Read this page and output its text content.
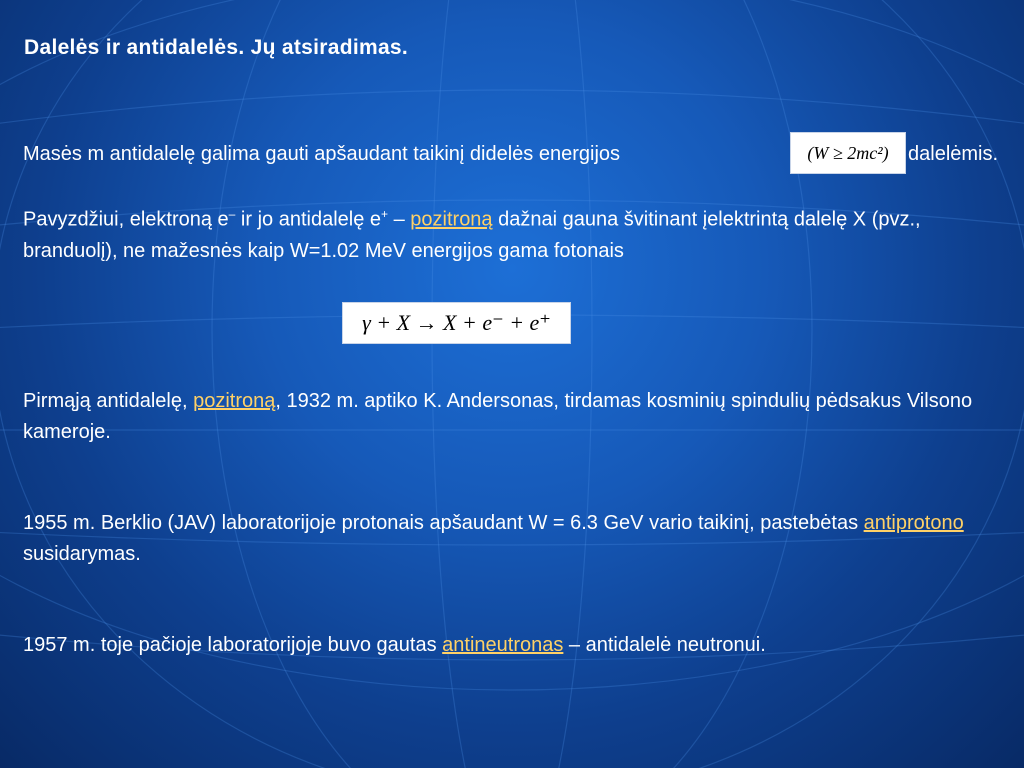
Dalelės ir antidalelės. Jų atsiradimas.

Masės m antidalelę galima gauti apšaudant taikinį didelės energijos	(W ≥ 2mc²) dalelėmis.

Pavyzdžiui, elektroną e– ir jo antidalelę e+ – pozitroną dažnai gauna švitinant įelektrintą dalelę X (pvz., branduolį), ne mažesnės kaip W=1.02 MeV energijos gama fotonais

γ + X → X + e⁻ + e⁺

Pirmąją antidalelę, pozitroną, 1932 m. aptiko K. Andersonas, tirdamas kosminių spindulių pėdsakus Vilsono kameroje.

1955 m. Berklio (JAV) laboratorijoje protonais apšaudant W = 6.3 GeV vario taikinį, pastebėtas antiprotono susidarymas.

1957 m. toje pačioje laboratorijoje buvo gautas antineutronas – antidalelė neutronui.
